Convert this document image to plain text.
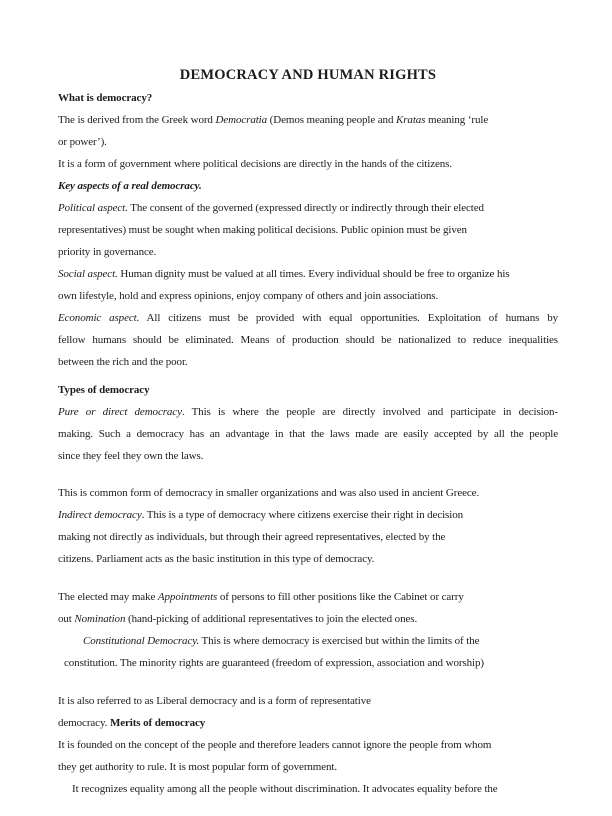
DEMOCRACY AND HUMAN RIGHTS
What is democracy?
The is derived from the Greek word Democratia (Demos meaning people and Kratas meaning ‘rule
or power’).
It is a form of government where political decisions are directly in the hands of the citizens.
Key aspects of a real democracy.
Political aspect. The consent of the governed (expressed directly or indirectly through their elected
representatives) must be sought when making political decisions. Public opinion must be given
priority in governance.
Social aspect. Human dignity must be valued at all times. Every individual should be free to organize his
own lifestyle, hold and express opinions, enjoy company of others and join associations.
Economic aspect. All citizens must be provided with equal opportunities. Exploitation of humans by
fellow humans should be eliminated. Means of production should be nationalized to reduce inequalities
between the rich and the poor.
Types of democracy
Pure or direct democracy. This is where the people are directly involved and participate in decision-
making. Such a democracy has an advantage in that the laws made are easily accepted by all the people
since they feel they own the laws.
This is common form of democracy in smaller organizations and was also used in ancient Greece.
Indirect democracy. This is a type of democracy where citizens exercise their right in decision
making not directly as individuals, but through their agreed representatives, elected by the
citizens. Parliament acts as the basic institution in this type of democracy.
The elected may make Appointments of persons to fill other positions like the Cabinet or carry
out Nomination (hand-picking of additional representatives to join the elected ones.
Constitutional Democracy. This is where democracy is exercised but within the limits of the
constitution. The minority rights are guaranteed (freedom of expression, association and worship)
It is also referred to as Liberal democracy and is a form of representative
democracy. Merits of democracy
It is founded on the concept of the people and therefore leaders cannot ignore the people from whom
they get authority to rule. It is most popular form of government.
It recognizes equality among all the people without discrimination. It advocates equality before the
